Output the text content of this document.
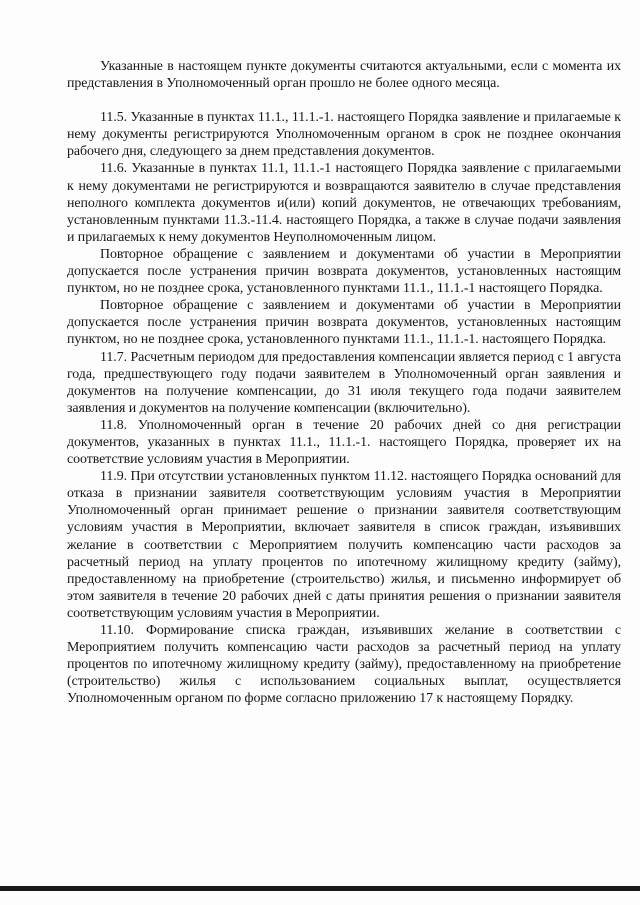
Указанные в настоящем пункте документы считаются актуальными, если с момента их представления в Уполномоченный орган прошло не более одного месяца.

11.5. Указанные в пунктах 11.1., 11.1.-1. настоящего Порядка заявление и прилагаемые к нему документы регистрируются Уполномоченным органом в срок не позднее окончания рабочего дня, следующего за днем представления документов.

11.6. Указанные в пунктах 11.1, 11.1.-1 настоящего Порядка заявление с прилагаемыми к нему документами не регистрируются и возвращаются заявителю в случае представления неполного комплекта документов и(или) копий документов, не отвечающих требованиям, установленным пунктами 11.3.-11.4. настоящего Порядка, а также в случае подачи заявления и прилагаемых к нему документов Неуполномоченным лицом.

Повторное обращение с заявлением и документами об участии в Мероприятии допускается после устранения причин возврата документов, установленных настоящим пунктом, но не позднее срока, установленного пунктами 11.1., 11.1.-1 настоящего Порядка.

Повторное обращение с заявлением и документами об участии в Мероприятии допускается после устранения причин возврата документов, установленных настоящим пунктом, но не позднее срока, установленного пунктами 11.1., 11.1.-1. настоящего Порядка.

11.7. Расчетным периодом для предоставления компенсации является период с 1 августа года, предшествующего году подачи заявителем в Уполномоченный орган заявления и документов на получение компенсации, до 31 июля текущего года подачи заявителем заявления и документов на получение компенсации (включительно).

11.8. Уполномоченный орган в течение 20 рабочих дней со дня регистрации документов, указанных в пунктах 11.1., 11.1.-1. настоящего Порядка, проверяет их на соответствие условиям участия в Мероприятии.

11.9. При отсутствии установленных пунктом 11.12. настоящего Порядка оснований для отказа в признании заявителя соответствующим условиям участия в Мероприятии Уполномоченный орган принимает решение о признании заявителя соответствующим условиям участия в Мероприятии, включает заявителя в список граждан, изъявивших желание в соответствии с Мероприятием получить компенсацию части расходов за расчетный период на уплату процентов по ипотечному жилищному кредиту (займу), предоставленному на приобретение (строительство) жилья, и письменно информирует об этом заявителя в течение 20 рабочих дней с даты принятия решения о признании заявителя соответствующим условиям участия в Мероприятии.

11.10. Формирование списка граждан, изъявивших желание в соответствии с Мероприятием получить компенсацию части расходов за расчетный период на уплату процентов по ипотечному жилищному кредиту (займу), предоставленному на приобретение (строительство) жилья с использованием социальных выплат, осуществляется Уполномоченным органом по форме согласно приложению 17 к настоящему Порядку.
